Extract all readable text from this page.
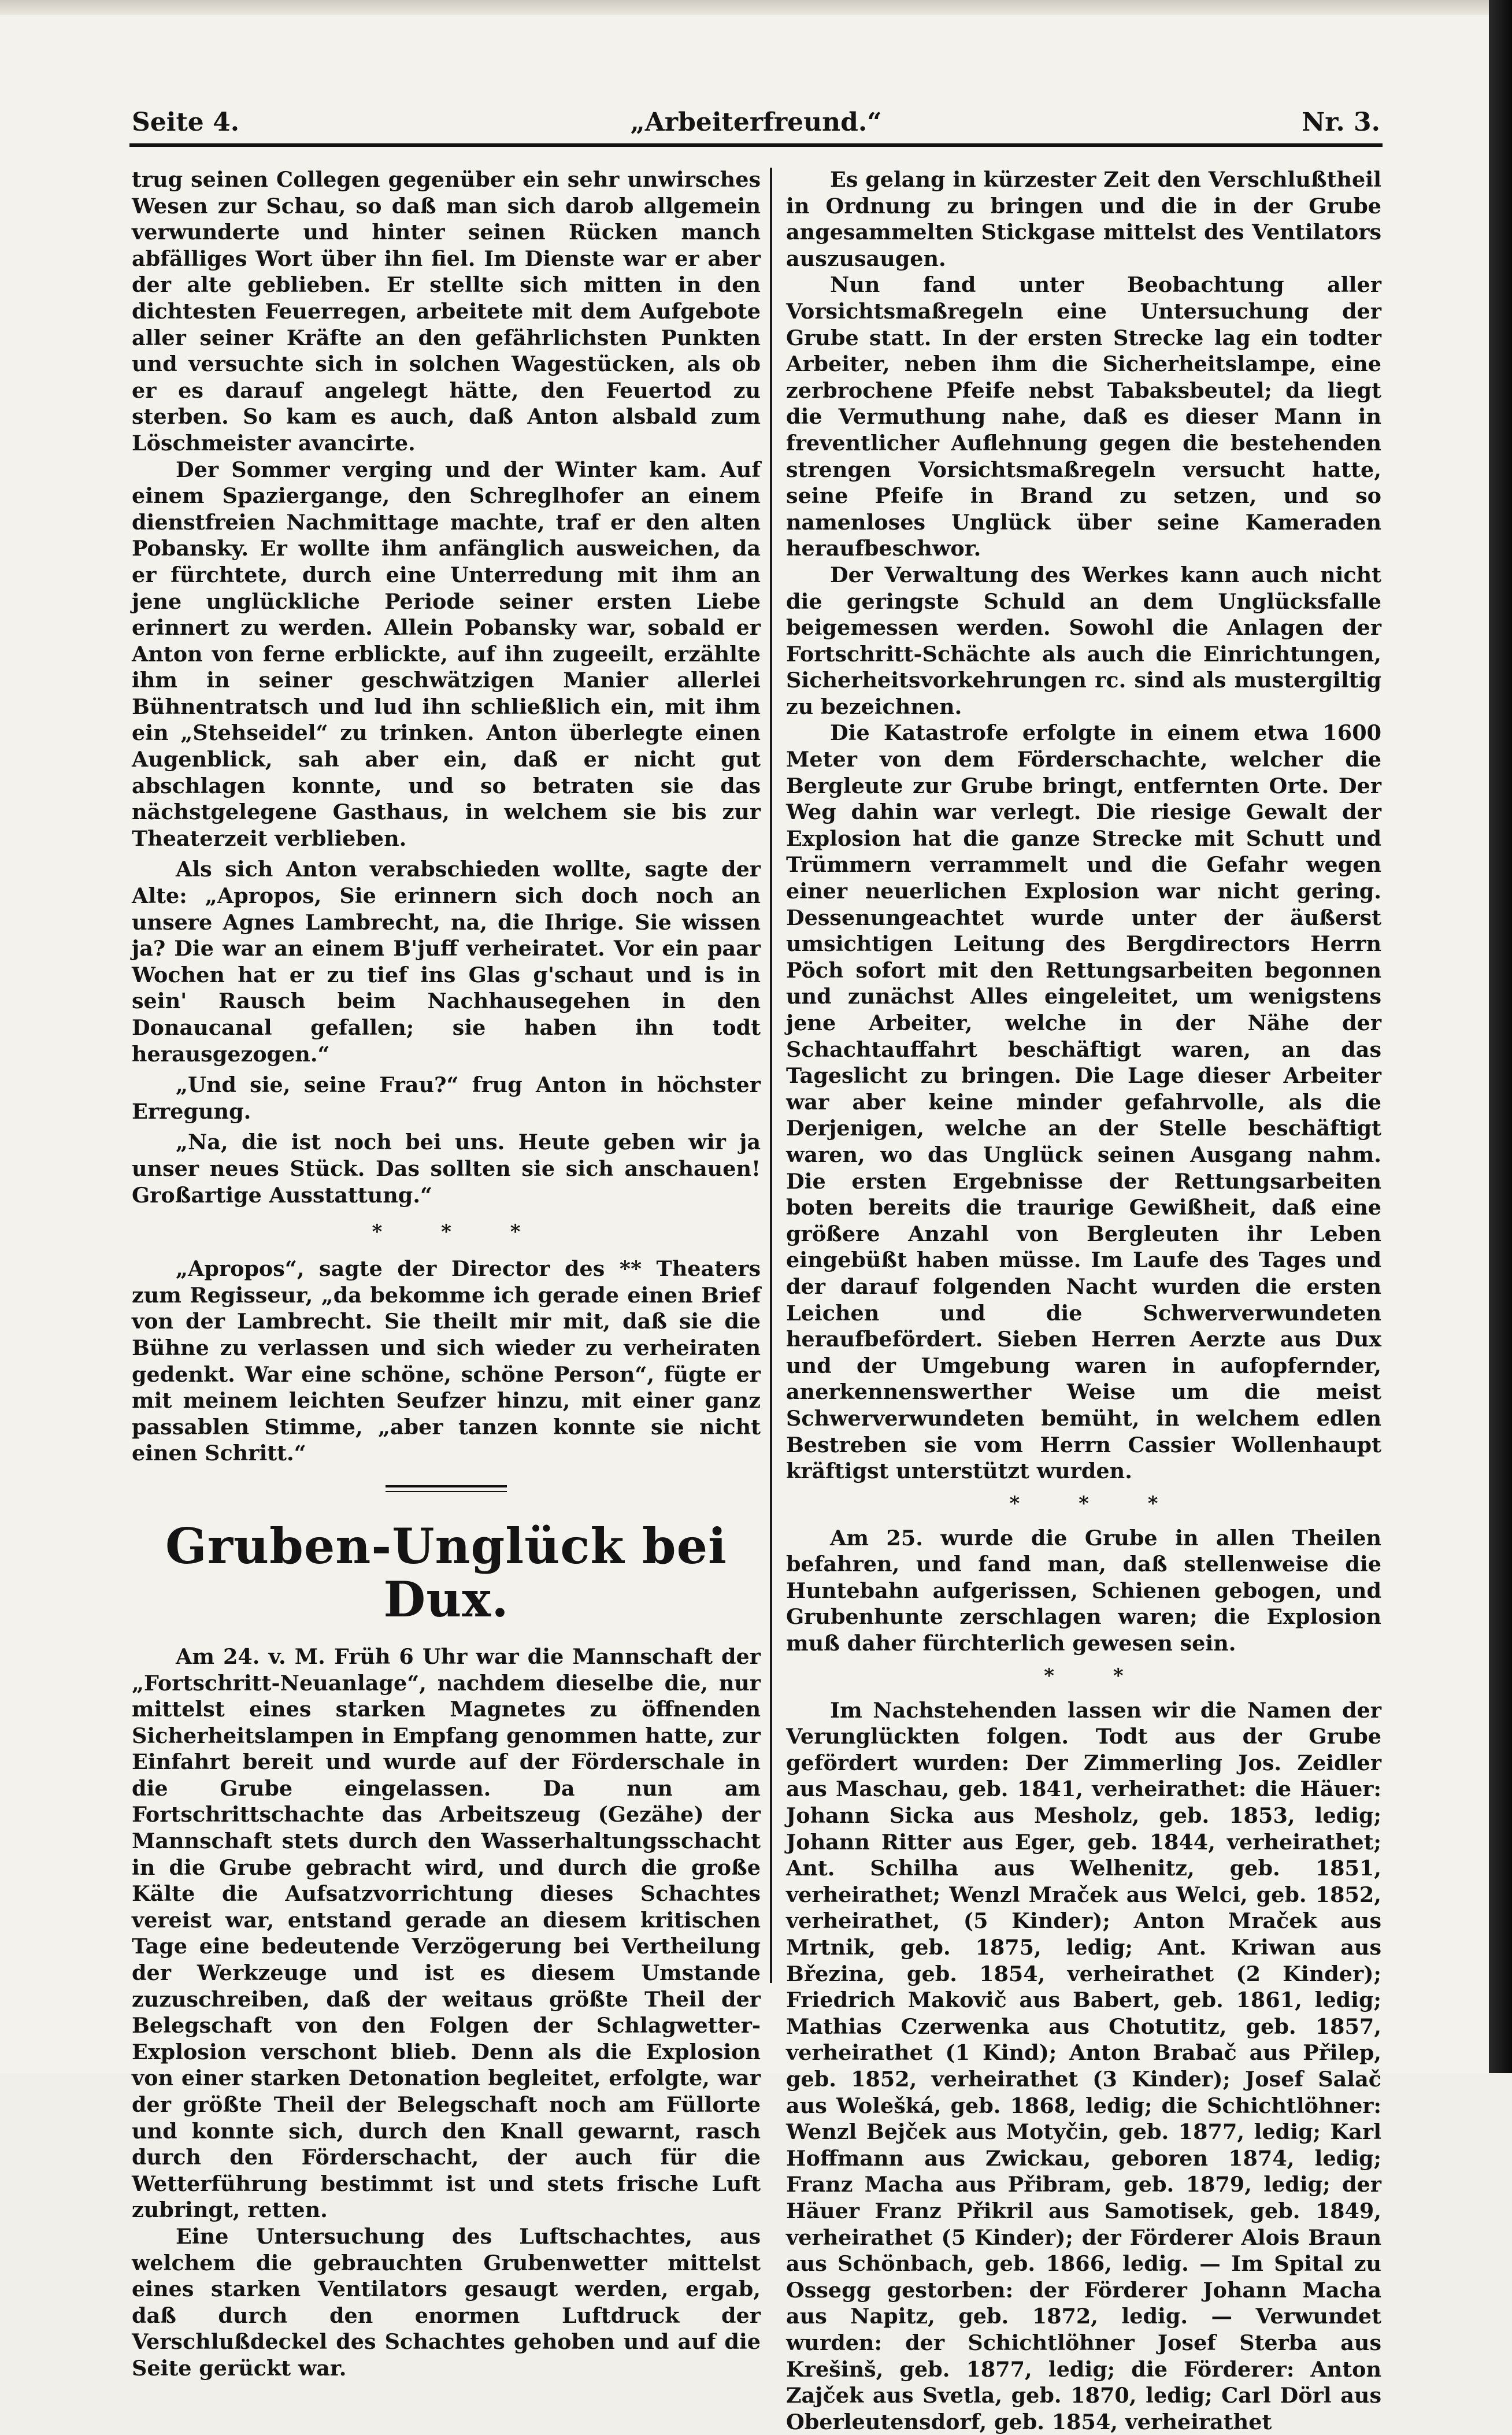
„Arbeiterfreund.“
Seite 4.	Nr. 3.

trug seinen Collegen gegenüber ein sehr unwirsches Wesen zur Schau, so daß man sich darob allgemein verwunderte und hinter seinen Rücken manch abfälliges Wort über ihn fiel. Im Dienste war er aber der alte geblieben. Er stellte sich mitten in den dichtesten Feuerregen, arbeitete mit dem Aufgebote aller seiner Kräfte an den gefährlichsten Punkten und versuchte sich in solchen Wagestücken, als ob er es darauf angelegt hätte, den Feuertod zu sterben. So kam es auch, daß Anton alsbald zum Löschmeister avancirte.

Der Sommer verging und der Winter kam. Auf einem Spaziergange, den Schreglhofer an einem dienstfreien Nachmittage machte, traf er den alten Pobansky. Er wollte ihm anfänglich ausweichen, da er fürchtete, durch eine Unterredung mit ihm an jene unglückliche Periode seiner ersten Liebe erinnert zu werden. Allein Pobansky war, sobald er Anton von ferne erblickte, auf ihn zugeeilt, erzählte ihm in seiner geschwätzigen Manier allerlei Bühnentratsch und lud ihn schließlich ein, mit ihm ein „Stehseidel“ zu trinken. Anton überlegte einen Augenblick, sah aber ein, daß er nicht gut abschlagen konnte, und so betraten sie das nächstgelegene Gasthaus, in welchem sie bis zur Theaterzeit verblieben.

Als sich Anton verabschieden wollte, sagte der Alte: „Apropos, Sie erinnern sich doch noch an unsere Agnes Lambrecht, na, die Ihrige. Sie wissen ja? Die war an einem B'juff verheiratet. Vor ein paar Wochen hat er zu tief ins Glas g'schaut und is in sein' Rausch beim Nachhausegehen in den Donaucanal gefallen; sie haben ihn todt herausgezogen.“

„Und sie, seine Frau?“ frug Anton in höchster Erregung.

„Na, die ist noch bei uns. Heute geben wir ja unser neues Stück. Das sollten sie sich anschauen! Großartige Ausstattung.“

* * *

„Apropos“, sagte der Director des ** Theaters zum Regisseur, „da bekomme ich gerade einen Brief von der Lambrecht. Sie theilt mir mit, daß sie die Bühne zu verlassen und sich wieder zu verheiraten gedenkt. War eine schöne, schöne Person“, fügte er mit meinem leichten Seufzer hinzu, mit einer ganz passablen Stimme, „aber tanzen konnte sie nicht einen Schritt.“

Gruben-Unglück bei Dux.

Am 24. v. M. Früh 6 Uhr war die Mannschaft der „Fortschritt-Neuanlage“, nachdem dieselbe die, nur mittelst eines starken Magnetes zu öffnenden Sicherheitslampen in Empfang genommen hatte, zur Einfahrt bereit und wurde auf der Förderschale in die Grube eingelassen. Da nun am Fortschrittschachte das Arbeitszeug (Gezähe) der Mannschaft stets durch den Wasserhaltungsschacht in die Grube gebracht wird, und durch die große Kälte die Aufsatzvorrichtung dieses Schachtes vereist war, entstand gerade an diesem kritischen Tage eine bedeutende Verzögerung bei Vertheilung der Werkzeuge und ist es diesem Umstande zuzuschreiben, daß der weitaus größte Theil der Belegschaft von den Folgen der Schlagwetter-Explosion verschont blieb. Denn als die Explosion von einer starken Detonation begleitet, erfolgte, war der größte Theil der Belegschaft noch am Füllorte und konnte sich, durch den Knall gewarnt, rasch durch den Förderschacht, der auch für die Wetterführung bestimmt ist und stets frische Luft zubringt, retten.

Eine Untersuchung des Luftschachtes, aus welchem die gebrauchten Grubenwetter mittelst eines starken Ventilators gesaugt werden, ergab, daß durch den enormen Luftdruck der Verschlußdeckel des Schachtes gehoben und auf die Seite gerückt war.

Es gelang in kürzester Zeit den Verschlußtheil in Ordnung zu bringen und die in der Grube angesammelten Stickgase mittelst des Ventilators auszusaugen.

Nun fand unter Beobachtung aller Vorsichtsmaßregeln eine Untersuchung der Grube statt. In der ersten Strecke lag ein todter Arbeiter, neben ihm die Sicherheitslampe, eine zerbrochene Pfeife nebst Tabaksbeutel; da liegt die Vermuthung nahe, daß es dieser Mann in freventlicher Auflehnung gegen die bestehenden strengen Vorsichtsmaßregeln versucht hatte, seine Pfeife in Brand zu setzen, und so namenloses Unglück über seine Kameraden heraufbeschwor.

Der Verwaltung des Werkes kann auch nicht die geringste Schuld an dem Unglücksfalle beigemessen werden. Sowohl die Anlagen der Fortschritt-Schächte als auch die Einrichtungen, Sicherheitsvorkehrungen rc. sind als mustergiltig zu bezeichnen.

Die Katastrofe erfolgte in einem etwa 1600 Meter von dem Förderschachte, welcher die Bergleute zur Grube bringt, entfernten Orte. Der Weg dahin war verlegt. Die riesige Gewalt der Explosion hat die ganze Strecke mit Schutt und Trümmern verrammelt und die Gefahr wegen einer neuerlichen Explosion war nicht gering. Dessenungeachtet wurde unter der äußerst umsichtigen Leitung des Bergdirectors Herrn Pöch sofort mit den Rettungsarbeiten begonnen und zunächst Alles eingeleitet, um wenigstens jene Arbeiter, welche in der Nähe der Schachtauffahrt beschäftigt waren, an das Tageslicht zu bringen. Die Lage dieser Arbeiter war aber keine minder gefahrvolle, als die Derjenigen, welche an der Stelle beschäftigt waren, wo das Unglück seinen Ausgang nahm. Die ersten Ergebnisse der Rettungsarbeiten boten bereits die traurige Gewißheit, daß eine größere Anzahl von Bergleuten ihr Leben eingebüßt haben müsse. Im Laufe des Tages und der darauf folgenden Nacht wurden die ersten Leichen und die Schwerverwundeten heraufbefördert. Sieben Herren Aerzte aus Dux und der Umgebung waren in aufopfernder, anerkennenswerther Weise um die meist Schwerverwundeten bemüht, in welchem edlen Bestreben sie vom Herrn Cassier Wollenhaupt kräftigst unterstützt wurden.

* * *

Am 25. wurde die Grube in allen Theilen befahren, und fand man, daß stellenweise die Huntebahn aufgerissen, Schienen gebogen, und Grubenhunte zerschlagen waren; die Explosion muß daher fürchterlich gewesen sein.

* *

Im Nachstehenden lassen wir die Namen der Verunglückten folgen. Todt aus der Grube gefördert wurden: Der Zimmerling Jos. Zeidler aus Maschau, geb. 1841, verheirathet: die Häuer: Johann Sicka aus Mesholz, geb. 1853, ledig; Johann Ritter aus Eger, geb. 1844, verheirathet; Ant. Schilha aus Welhenitz, geb. 1851, verheirathet; Wenzl Mraček aus Welci, geb. 1852, verheirathet, (5 Kinder); Anton Mraček aus Mrtnik, geb. 1875, ledig; Ant. Kriwan aus Březina, geb. 1854, verheirathet (2 Kinder); Friedrich Makovič aus Babert, geb. 1861, ledig; Mathias Czerwenka aus Chotutitz, geb. 1857, verheirathet (1 Kind); Anton Brabač aus Přilep, geb. 1852, verheirathet (3 Kinder); Josef Salač aus Wolešká, geb. 1868, ledig; die Schichtlöhner: Wenzl Bejček aus Motyčin, geb. 1877, ledig; Karl Hoffmann aus Zwickau, geboren 1874, ledig; Franz Macha aus Přibram, geb. 1879, ledig; der Häuer Franz Přikril aus Samotisek, geb. 1849, verheirathet (5 Kinder); der Förderer Alois Braun aus Schönbach, geb. 1866, ledig. — Im Spital zu Ossegg gestorben: der Förderer Johann Macha aus Napitz, geb. 1872, ledig. — Verwundet wurden: der Schichtlöhner Josef Sterba aus Krešinš, geb. 1877, ledig; die Förderer: Anton Zajček aus Svetla, geb. 1870, ledig; Carl Dörl aus Oberleutensdorf, geb. 1854, verheirathet
